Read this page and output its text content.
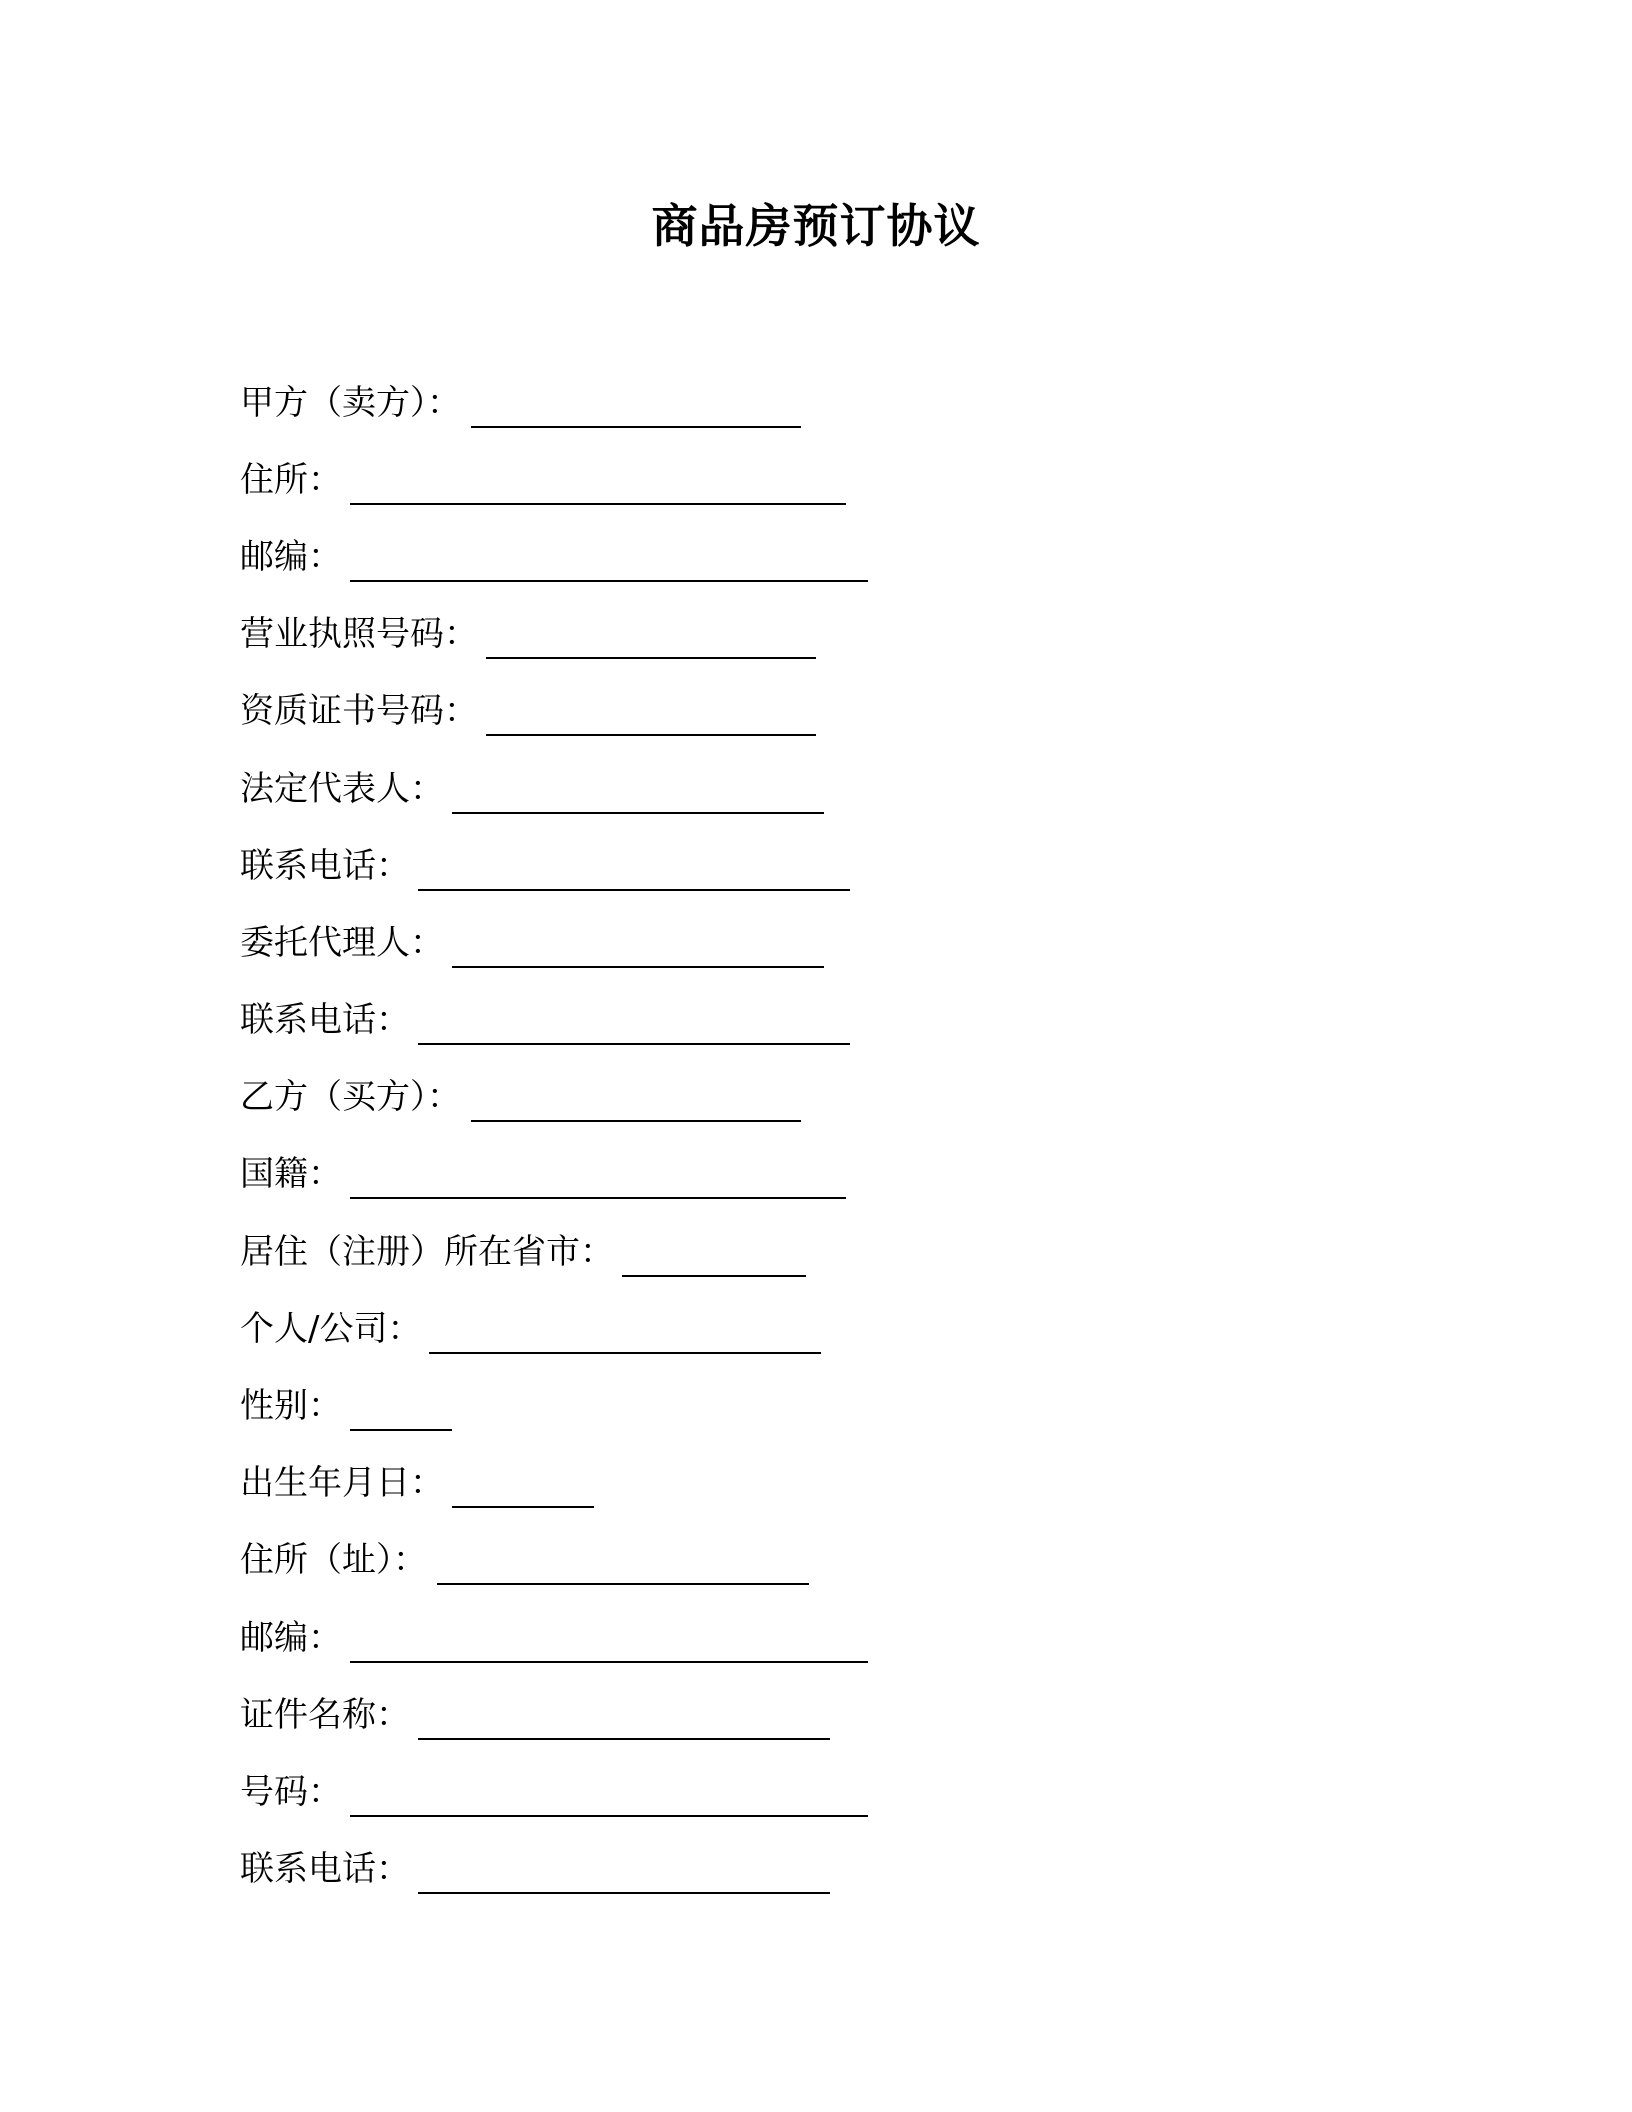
商品房预订协议
甲方（卖方）：
住所：
邮编：
营业执照号码：
资质证书号码：
法定代表人：
联系电话：
委托代理人：
联系电话：
乙方（买方）：
国籍：
居住（注册）所在省市：
个人/公司：
性别：
出生年月日：
住所（址）：
邮编：
证件名称：
号码：
联系电话：
